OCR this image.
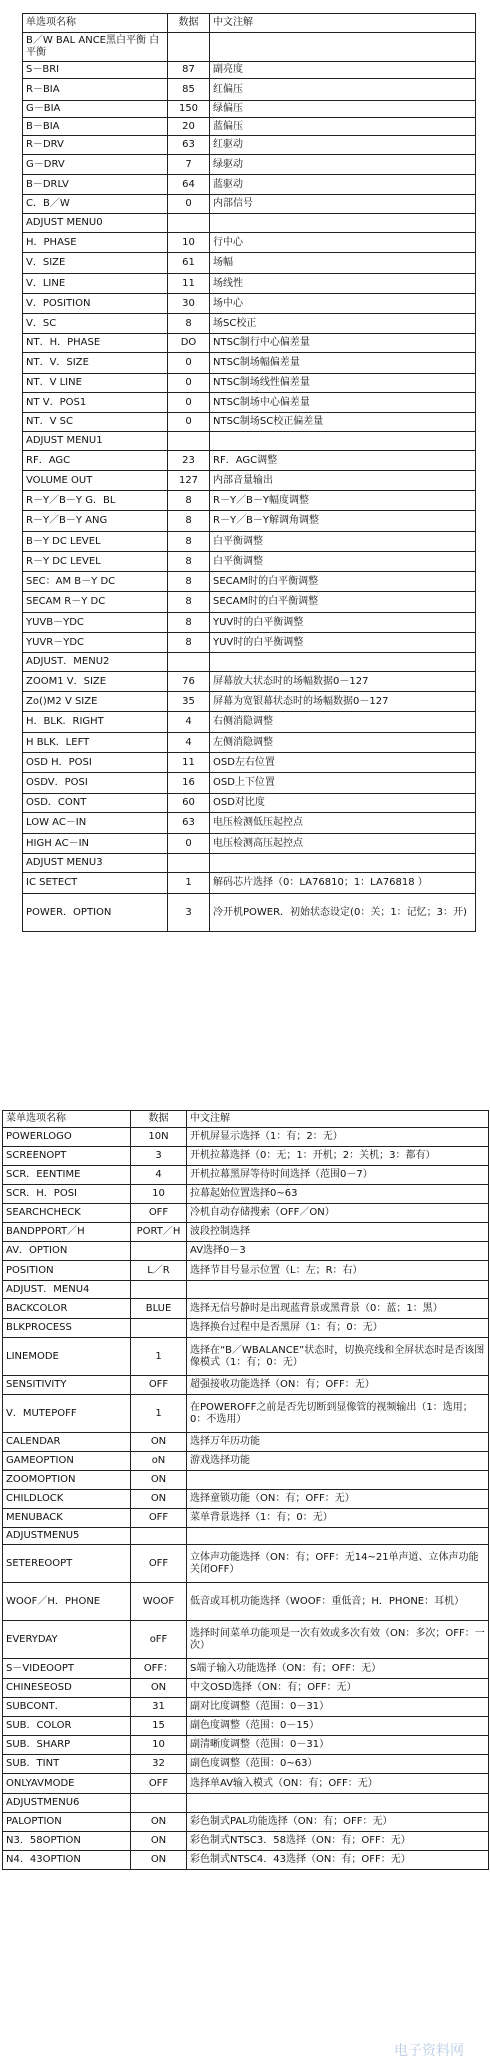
单选项名称	数据	中文注解
B／W BAL ANCE黑白平衡 白平衡		
S－BRI	87	副亮度
R－BIA	85	红偏压
G－BIA	150	绿偏压
B－BIA	20	蓝偏压
R－DRV	63	红驱动
G－DRV	7	绿驱动
B－DRLV	64	蓝驱动
C．B／W	0	内部信号
ADJUST MENU0		
H．PHASE	10	行中心
V．SIZE	61	场幅
V．LINE	11	场线性
V．POSITION	30	场中心
V．SC	8	场SC校正
NT．H．PHASE	DO	NTSC制行中心偏差量
NT．V．SIZE	0	NTSC制场幅偏差量
NT．V LINE	0	NTSC制场线性偏差量
NT V．POS1	0	NTSC制场中心偏差量
NT．V SC	0	NTSC制场SC校正偏差量
ADJUST MENU1		
RF．AGC	23	RF．AGC调整
VOLUME OUT	127	内部音量输出
R－Y／B－Y G．BL	8	R－Y／B－Y幅度调整
R－Y／B－Y ANG	8	R－Y／B－Y解调角调整
B－Y DC LEVEL	8	白平衡调整
R－Y DC LEVEL	8	白平衡调整
SEC：AM B－Y DC	8	SECAM时的白平衡调整
SECAM R－Y DC	8	SECAM时的白平衡调整
YUVB－YDC	8	YUV时的白平衡调整
YUVR－YDC	8	YUV时的白平衡调整
ADJUST．MENU2		
ZOOM1 V．SIZE	76	屏幕放大状态时的场幅数据0－127
Zo()M2 V SIZE	35	屏幕为宽银幕状态时的场幅数据0－127
H．BLK．RIGHT	4	右侧消隐调整
H BLK．LEFT	4	左侧消隐调整
OSD H．POSI	11	OSD左右位置
OSDV．POSI	16	OSD上下位置
OSD．CONT	60	OSD对比度
LOW AC－IN	63	电压检测低压起控点
HIGH AC－IN	0	电压检测高压起控点
ADJUST MENU3		
IC SETECT	1	解码芯片选择（0：LA76810；1：LA76818 ）
POWER．OPTION	3	冷开机POWER．初始状态设定(0：关；1：记忆；3：开)
菜单选项名称	数据	中文注解
POWERLOGO	10N	开机屏显示选择（1：有；2：无）
SCREENOPT	3	开机拉幕选择（0：无；1：开机；2：关机；3：都有）
SCR．EENTIME	4	开机拉幕黑屏等待时间选择（范围0－7）
SCR．H．POSI	10	拉幕起始位置选择0~63
SEARCHCHECK	OFF	冷机自动存储搜索（OFF／ON）
BANDPPORT／H	PORT／H	波段控制选择
AV．OPTION		AV选择0－3
POSITION	L／R	选择节目号显示位置（L：左；R：右）
ADJUST．MENU4		
BACKCOLOR	BLUE	选择无信号静时是出现蓝背景或黑背景（0：蓝；1：黑）
BLKPROCESS		选择换台过程中是否黑屏（1：有；0：无）
LINEMODE	1	选择在“B／WBALANCE”状态时，切换亮线和全屏状态时是否该图像模式（1：有；0：无）
SENSITIVITY	OFF	超强接收功能选择（ON：有；OFF：无）
V．MUTEPOFF	1	在POWEROFF之前是否先切断到显像管的视频输出（1：选用；0：不选用）
CALENDAR	ON	选择万年历功能
GAMEOPTION	oN	游戏选择功能
ZOOMOPTION	ON	
CHILDLOCK	ON	选择童锁功能（ON：有；OFF：无）
MENUBACK	OFF	菜单背景选择（1：有；0：无）
ADJUSTMENU5		
SETEREOOPT	OFF	立体声功能选择（ON：有；OFF：无14~21单声道、立体声功能关闭OFF）
WOOF／H．PHONE	WOOF	低音或耳机功能选择（WOOF：重低音；H．PHONE：耳机）
EVERYDAY	oFF	选择时间菜单功能项是一次有效或多次有效（ON：多次；OFF：一次）
S－VIDEOOPT	OFF：	S端子输入功能选择（ON：有；OFF：无）
CHINESEOSD	ON	中文OSD选择（ON：有；OFF：无）
SUBCONT．	31	副对比度调整（范围：0－31）
SUB．COLOR	15	副色度调整（范围：0－15）
SUB．SHARP	10	副清晰度调整（范围：0－31）
SUB．TINT	32	副色度调整（范围：0~63）
ONLYAVMODE	OFF	选择单AV输入模式（ON：有；OFF：无）
ADJUSTMENU6		
PALOPTION	ON	彩色制式PAL功能选择（ON：有；OFF：无）
N3．58OPTION	ON	彩色制式NTSC3．58选择（ON：有；OFF：无）
N4．43OPTION	ON	彩色制式NTSC4．43选择（ON：有；OFF：无）
电子资料网
